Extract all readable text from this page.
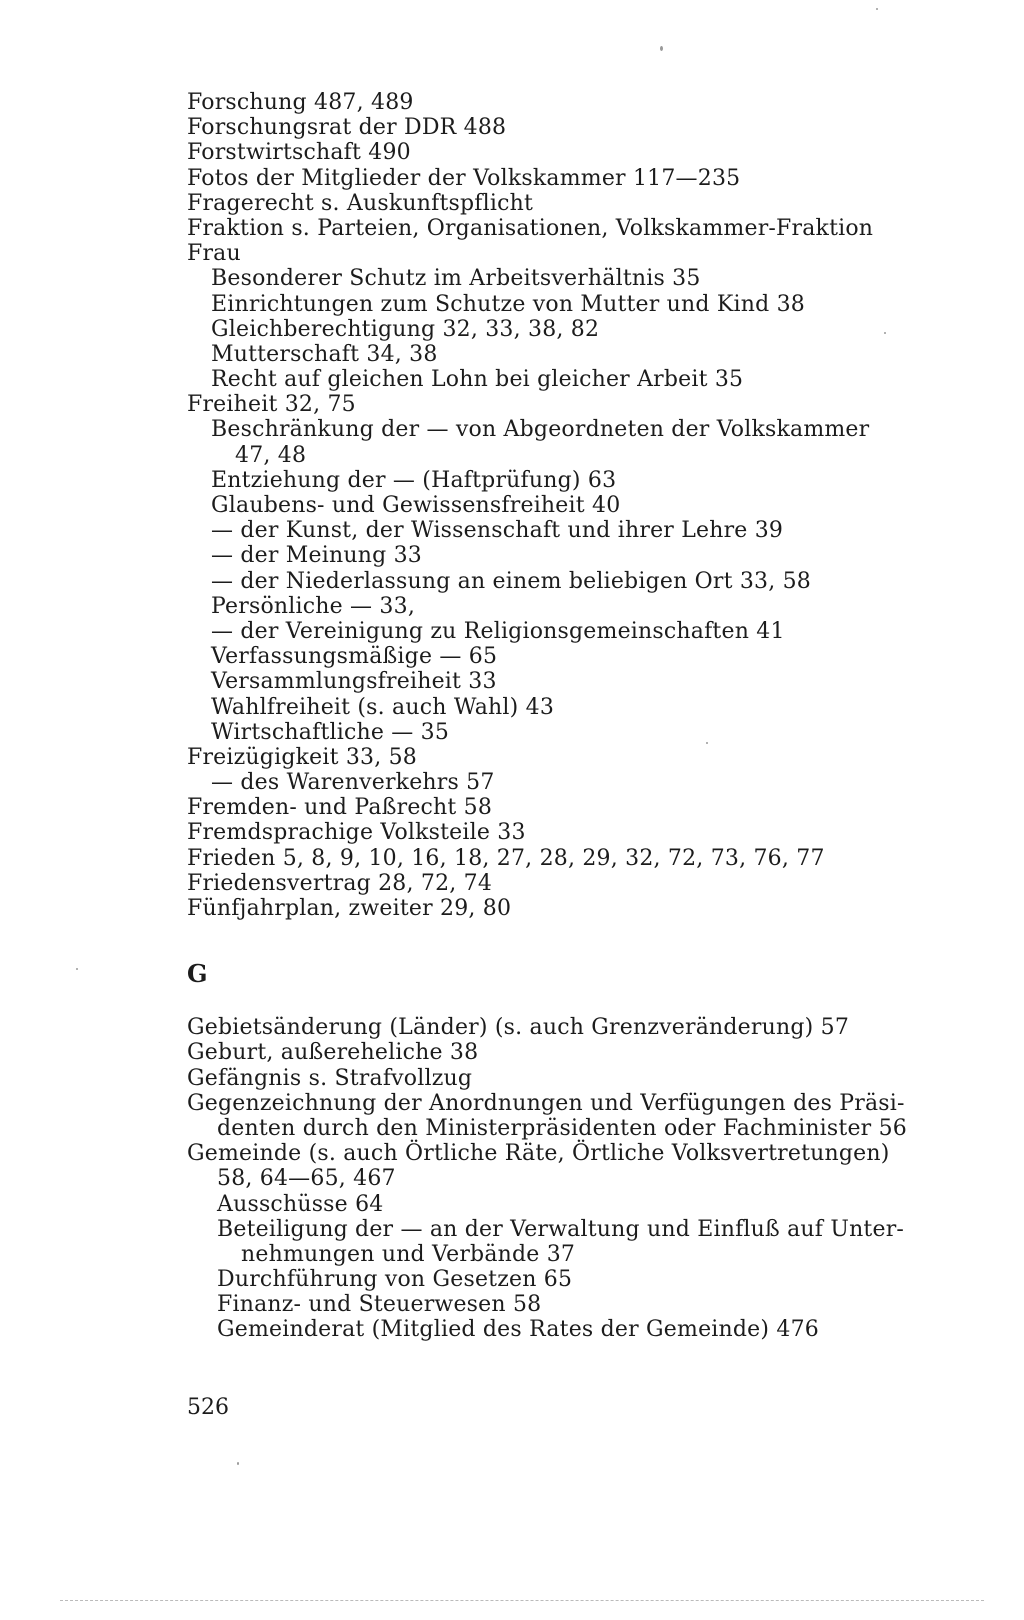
Forschung 487, 489
Forschungsrat der DDR 488
Forstwirtschaft 490
Fotos der Mitglieder der Volkskammer 117—235
Fragerecht s. Auskunftspflicht
Fraktion s. Parteien, Organisationen, Volkskammer-Fraktion
Frau
Besonderer Schutz im Arbeitsverhältnis 35
Einrichtungen zum Schutze von Mutter und Kind 38
Gleichberechtigung 32, 33, 38, 82
Mutterschaft 34, 38
Recht auf gleichen Lohn bei gleicher Arbeit 35
Freiheit 32, 75
Beschränkung der — von Abgeordneten der Volkskammer
47, 48
Entziehung der — (Haftprüfung) 63
Glaubens- und Gewissensfreiheit 40
— der Kunst, der Wissenschaft und ihrer Lehre 39
— der Meinung 33
— der Niederlassung an einem beliebigen Ort 33, 58
Persönliche — 33,
— der Vereinigung zu Religionsgemeinschaften 41
Verfassungsmäßige — 65
Versammlungsfreiheit 33
Wahlfreiheit (s. auch Wahl) 43
Wirtschaftliche — 35
Freizügigkeit 33, 58
— des Warenverkehrs 57
Fremden- und Paßrecht 58
Fremdsprachige Volksteile 33
Frieden 5, 8, 9, 10, 16, 18, 27, 28, 29, 32, 72, 73, 76, 77
Friedensvertrag 28, 72, 74
Fünfjahrplan, zweiter 29, 80
G
Gebietsänderung (Länder) (s. auch Grenzveränderung) 57
Geburt, außereheliche 38
Gefängnis s. Strafvollzug
Gegenzeichnung der Anordnungen und Verfügungen des Präsi-
denten durch den Ministerpräsidenten oder Fachminister 56
Gemeinde (s. auch Örtliche Räte, Örtliche Volksvertretungen)
58, 64—65, 467
Ausschüsse 64
Beteiligung der — an der Verwaltung und Einfluß auf Unter-
nehmungen und Verbände 37
Durchführung von Gesetzen 65
Finanz- und Steuerwesen 58
Gemeinderat (Mitglied des Rates der Gemeinde) 476
526
